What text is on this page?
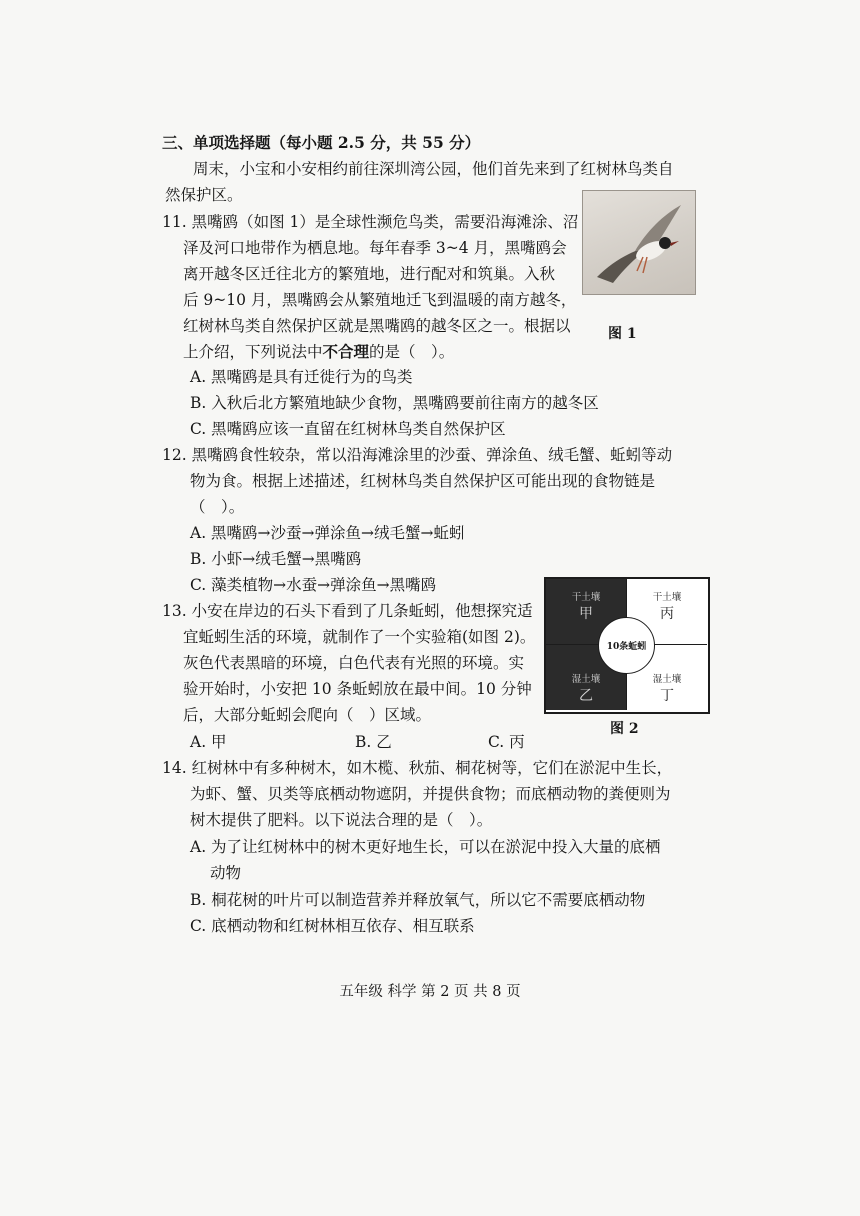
三、单项选择题（每小题 2.5 分，共 55 分）
周末，小宝和小安相约前往深圳湾公园，他们首先来到了红树林鸟类自
然保护区。
11. 黑嘴鸥（如图 1）是全球性濒危鸟类，需要沿海滩涂、沼
泽及河口地带作为栖息地。每年春季 3~4 月，黑嘴鸥会
离开越冬区迁往北方的繁殖地，进行配对和筑巢。入秋
后 9~10 月，黑嘴鸥会从繁殖地迁飞到温暖的南方越冬，
红树林鸟类自然保护区就是黑嘴鸥的越冬区之一。根据以
上介绍，下列说法中不合理的是（　）。
A. 黑嘴鸥是具有迁徙行为的鸟类
B. 入秋后北方繁殖地缺少食物，黑嘴鸥要前往南方的越冬区
C. 黑嘴鸥应该一直留在红树林鸟类自然保护区
图 1
12. 黑嘴鸥食性较杂，常以沿海滩涂里的沙蚕、弹涂鱼、绒毛蟹、蚯蚓等动
物为食。根据上述描述，红树林鸟类自然保护区可能出现的食物链是
（　）。
A. 黑嘴鸥→沙蚕→弹涂鱼→绒毛蟹→蚯蚓
B. 小虾→绒毛蟹→黑嘴鸥
C. 藻类植物→水蚕→弹涂鱼→黑嘴鸥
13. 小安在岸边的石头下看到了几条蚯蚓，他想探究适
宜蚯蚓生活的环境，就制作了一个实验箱(如图 2)。
灰色代表黑暗的环境，白色代表有光照的环境。实
验开始时，小安把 10 条蚯蚓放在最中间。10 分钟
后，大部分蚯蚓会爬向（　）区域。
A. 甲	B. 乙	C. 丙
干土壤
甲
干土壤
丙
湿土壤
乙
湿土壤
丁
10条蚯蚓
图 2
14. 红树林中有多种树木，如木榄、秋茄、桐花树等，它们在淤泥中生长，
为虾、蟹、贝类等底栖动物遮阴，并提供食物；而底栖动物的粪便则为
树木提供了肥料。以下说法合理的是（　）。
A. 为了让红树林中的树木更好地生长，可以在淤泥中投入大量的底栖
动物
B. 桐花树的叶片可以制造营养并释放氧气，所以它不需要底栖动物
C. 底栖动物和红树林相互依存、相互联系
五年级 科学 第 2 页 共 8 页
